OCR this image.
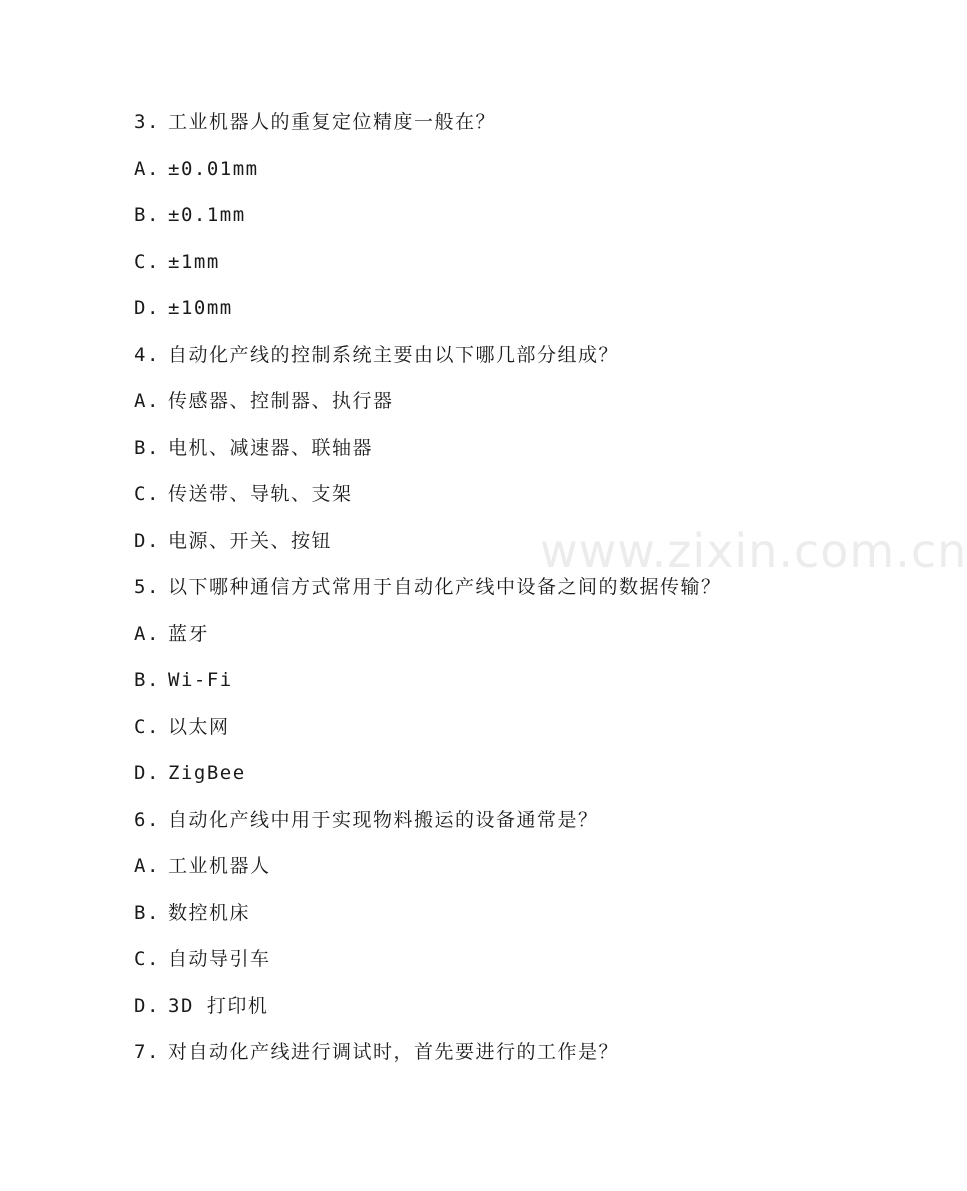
www.zixin.com.cn
3. 工业机器人的重复定位精度一般在？
A. ±0.01mm
B. ±0.1mm
C. ±1mm
D. ±10mm
4. 自动化产线的控制系统主要由以下哪几部分组成？
A. 传感器、控制器、执行器
B. 电机、减速器、联轴器
C. 传送带、导轨、支架
D. 电源、开关、按钮
5. 以下哪种通信方式常用于自动化产线中设备之间的数据传输？
A. 蓝牙
B. Wi-Fi
C. 以太网
D. ZigBee
6. 自动化产线中用于实现物料搬运的设备通常是？
A. 工业机器人
B. 数控机床
C. 自动导引车
D. 3D 打印机
7. 对自动化产线进行调试时，首先要进行的工作是？
